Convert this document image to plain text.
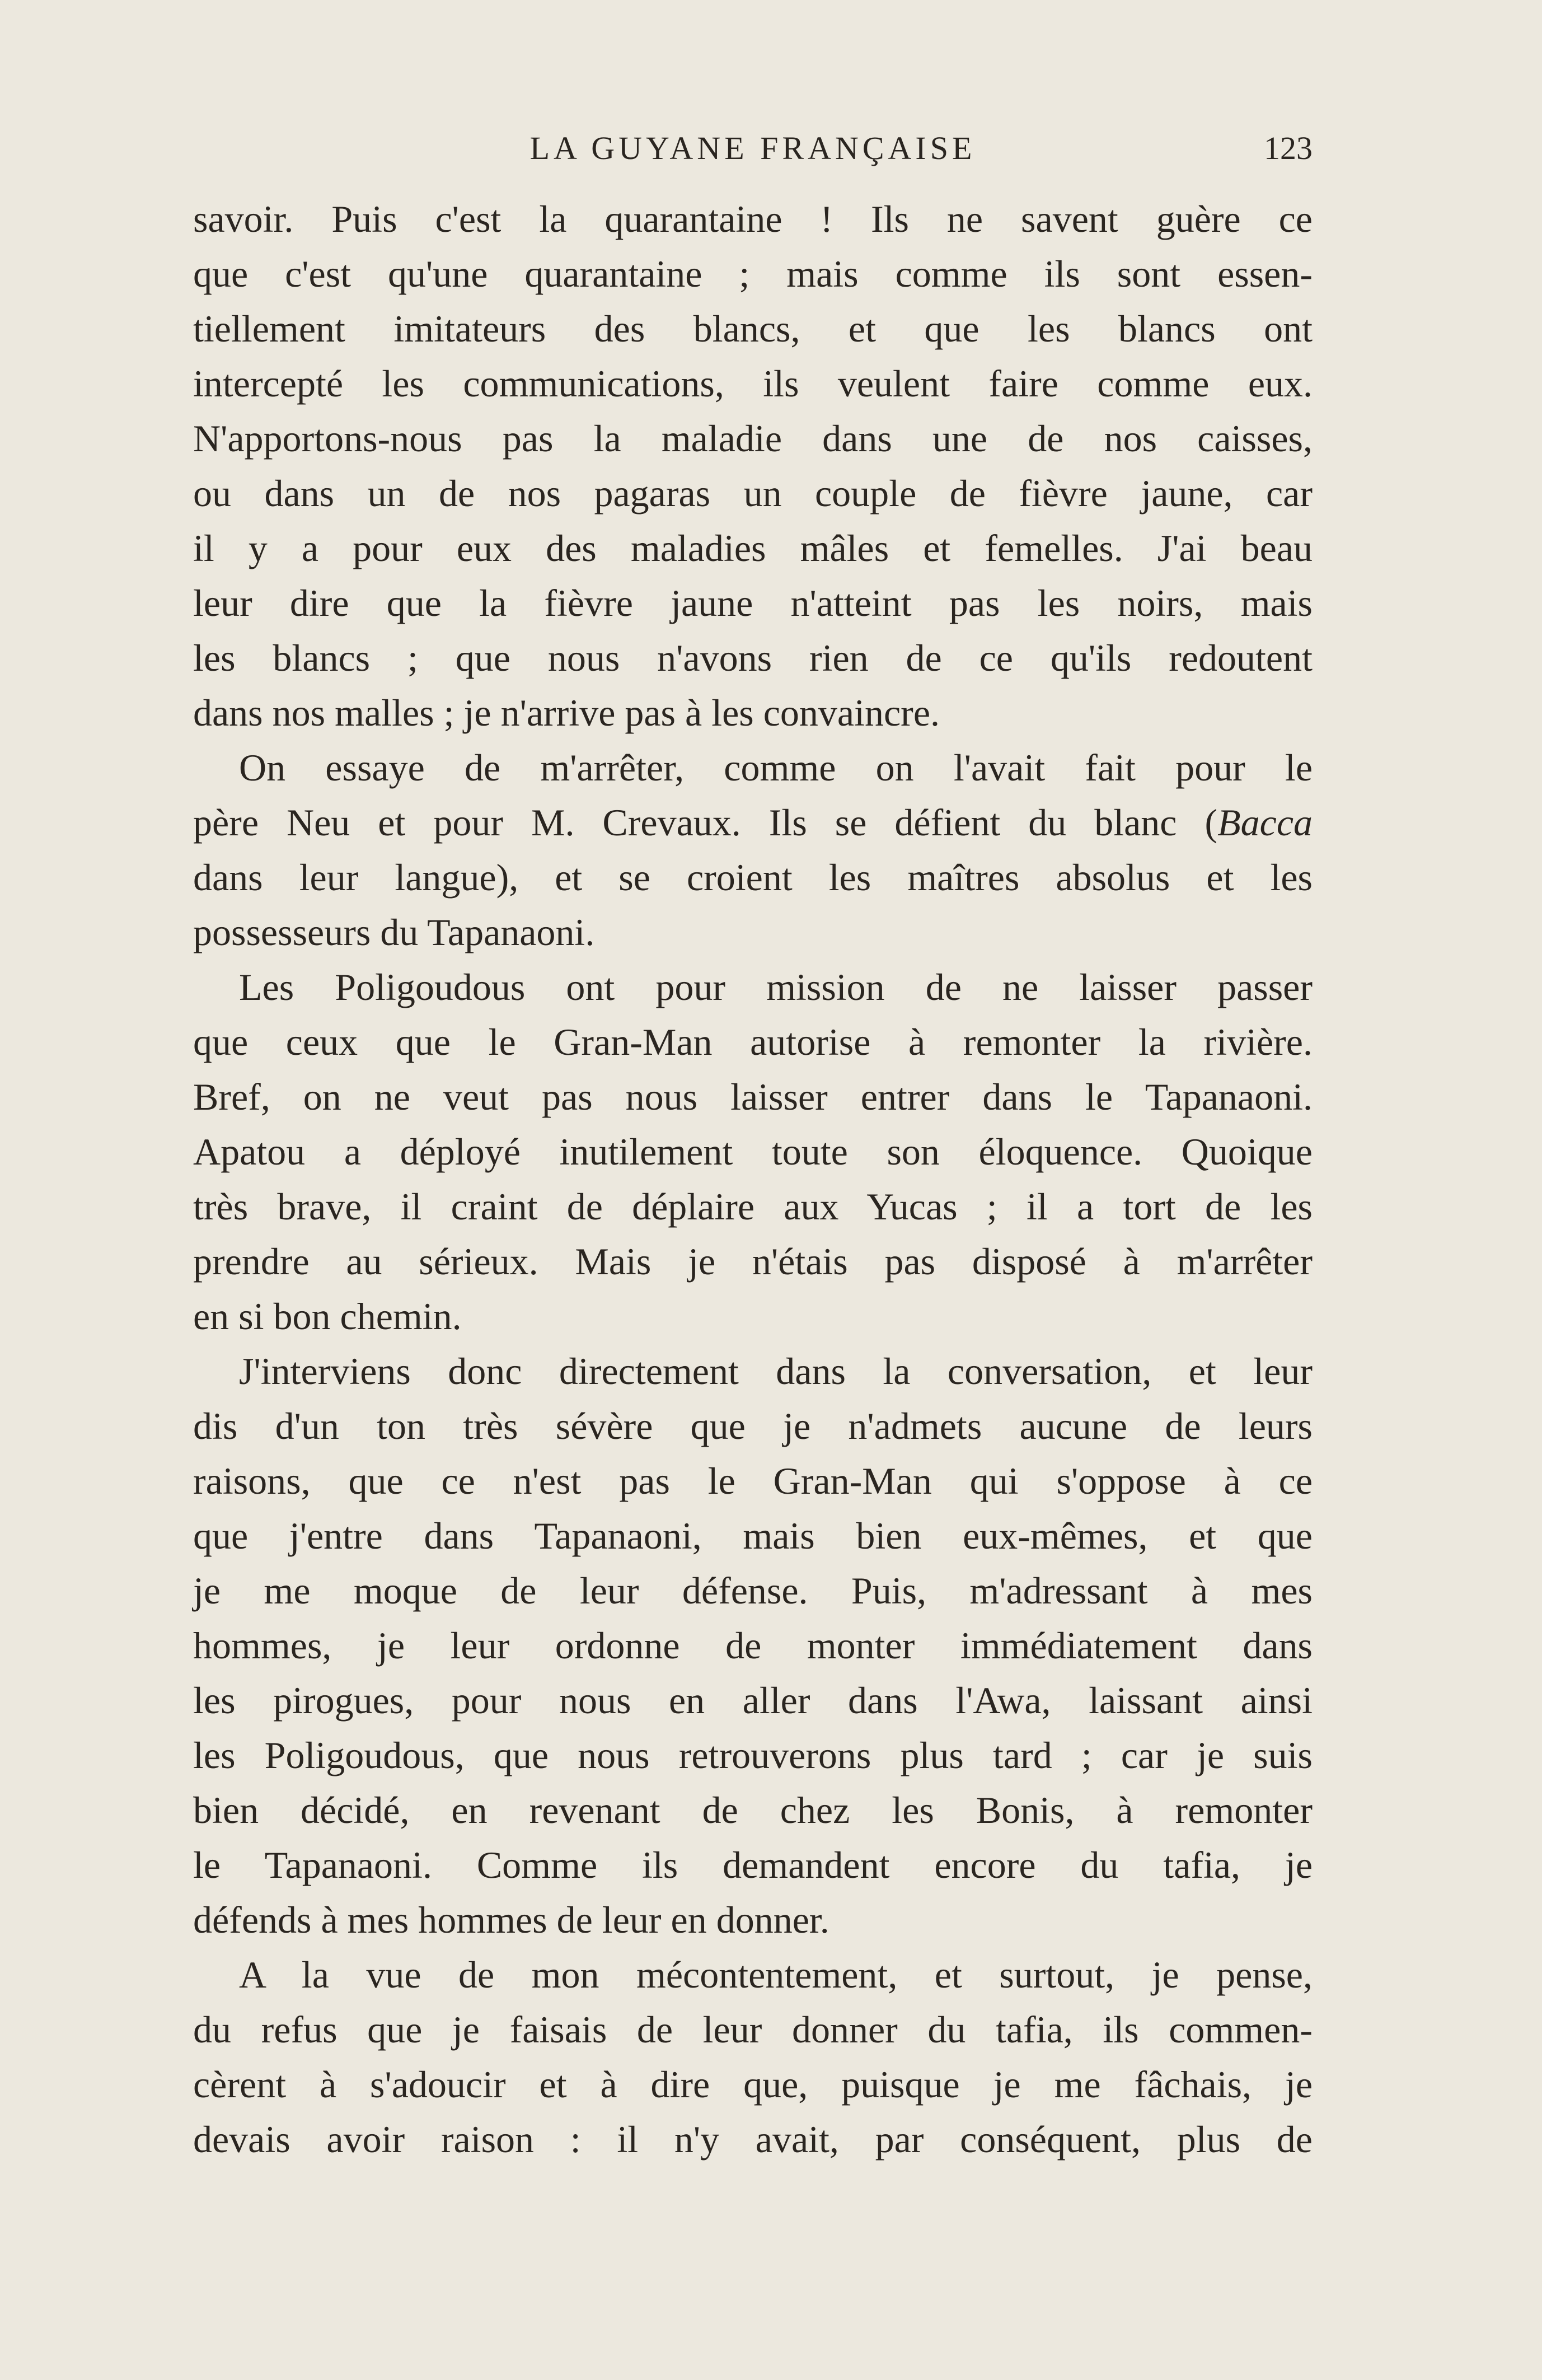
LA GUYANE FRANÇAISE	123
savoir. Puis c'est la quarantaine ! Ils ne savent guère ce
que c'est qu'une quarantaine ; mais comme ils sont essen-
tiellement imitateurs des blancs, et que les blancs ont
intercepté les communications, ils veulent faire comme eux.
N'apportons-nous pas la maladie dans une de nos caisses,
ou dans un de nos pagaras un couple de fièvre jaune, car
il y a pour eux des maladies mâles et femelles. J'ai beau
leur dire que la fièvre jaune n'atteint pas les noirs, mais
les blancs ; que nous n'avons rien de ce qu'ils redoutent
dans nos malles ; je n'arrive pas à les convaincre.
On essaye de m'arrêter, comme on l'avait fait pour le
père Neu et pour M. Crevaux. Ils se défient du blanc (Bacca
dans leur langue), et se croient les maîtres absolus et les
possesseurs du Tapanaoni.
Les Poligoudous ont pour mission de ne laisser passer
que ceux que le Gran-Man autorise à remonter la rivière.
Bref, on ne veut pas nous laisser entrer dans le Tapanaoni.
Apatou a déployé inutilement toute son éloquence. Quoique
très brave, il craint de déplaire aux Yucas ; il a tort de les
prendre au sérieux. Mais je n'étais pas disposé à m'arrêter
en si bon chemin.
J'interviens donc directement dans la conversation, et leur
dis d'un ton très sévère que je n'admets aucune de leurs
raisons, que ce n'est pas le Gran-Man qui s'oppose à ce
que j'entre dans Tapanaoni, mais bien eux-mêmes, et que
je me moque de leur défense. Puis, m'adressant à mes
hommes, je leur ordonne de monter immédiatement dans
les pirogues, pour nous en aller dans l'Awa, laissant ainsi
les Poligoudous, que nous retrouverons plus tard ; car je suis
bien décidé, en revenant de chez les Bonis, à remonter
le Tapanaoni. Comme ils demandent encore du tafia, je
défends à mes hommes de leur en donner.
A la vue de mon mécontentement, et surtout, je pense,
du refus que je faisais de leur donner du tafia, ils commen-
cèrent à s'adoucir et à dire que, puisque je me fâchais, je
devais avoir raison : il n'y avait, par conséquent, plus de
